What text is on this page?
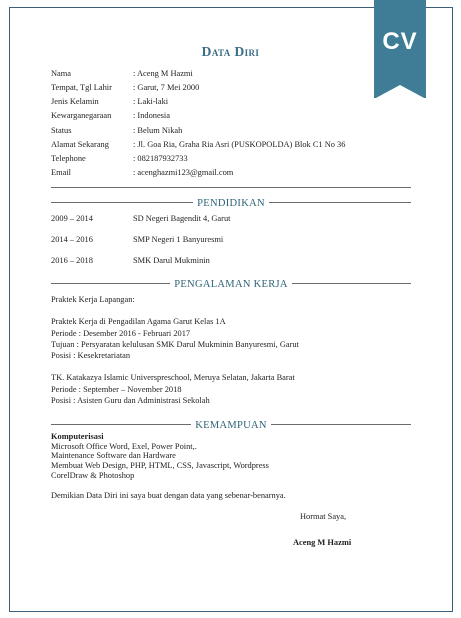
CV
Data Diri
Nama	: Aceng M Hazmi
Tempat, Tgl Lahir	: Garut, 7 Mei 2000
Jenis Kelamin	: Laki-laki
Kewarganegaraan	: Indonesia
Status	: Belum Nikah
Alamat Sekarang	: Jl. Goa Ria, Graha Ria Asri (PUSKOPOLDA) Blok C1 No 36
Telephone	: 082187932733
Email	: acenghazmi123@gmail.com
PENDIDIKAN
2009 – 2014	SD Negeri Bagendit 4, Garut
2014 – 2016	SMP Negeri 1 Banyuresmi
2016 – 2018	SMK Darul Mukminin
PENGALAMAN KERJA

Praktek Kerja Lapangan:

Praktek Kerja di Pengadilan Agama Garut Kelas 1A

Periode : Desember 2016 - Februari 2017

Tujuan : Persyaratan kelulusan SMK Darul Mukminin Banyuresmi, Garut

Posisi : Kesekretariatan

TK. Katakazya Islamic Universpreschool, Meruya Selatan, Jakarta Barat

Periode : September – November 2018

Posisi : Asisten Guru dan Administrasi Sekolah

KEMAMPUAN

Komputerisasi

Microsoft Office Word, Exel, Power Point,.

Maintenance Software dan Hardware

Membuat Web Design, PHP, HTML, CSS, Javascript, Wordpress

CorelDraw & Photoshop

Demikian Data Diri ini saya buat dengan data yang sebenar-benarnya.

Hormat Saya,

Aceng M Hazmi
